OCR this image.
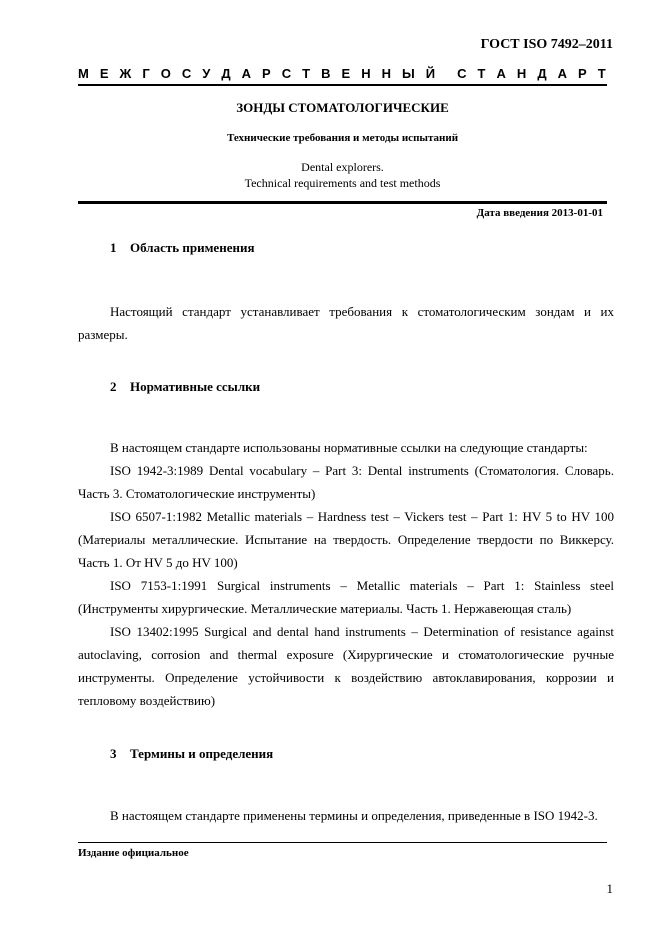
ГОСТ ISO 7492–2011
М Е Ж Г О С У Д А Р С Т В Е Н Н Ы Й С Т А Н Д А Р Т
ЗОНДЫ СТОМАТОЛОГИЧЕСКИЕ
Технические требования и методы испытаний
Dental explorers.
Technical requirements and test methods
Дата введения 2013-01-01
1 Область применения

Настоящий стандарт устанавливает требования к стоматологическим зондам и их размеры.

2 Нормативные ссылки

В настоящем стандарте использованы нормативные ссылки на следующие стандарты:

ISO 1942-3:1989 Dental vocabulary – Part 3: Dental instruments (Стоматология. Словарь. Часть 3. Стоматологические инструменты)

ISO 6507-1:1982 Metallic materials – Hardness test – Vickers test – Part 1: HV 5 to HV 100 (Материалы металлические. Испытание на твердость. Определение твердости по Виккерсу. Часть 1. От HV 5 до HV 100)

ISO 7153-1:1991 Surgical instruments – Metallic materials – Part 1: Stainless steel (Инструменты хирургические. Металлические материалы. Часть 1. Нержавеющая сталь)

ISO 13402:1995 Surgical and dental hand instruments – Determination of resistance against autoclaving, corrosion and thermal exposure (Хирургические и стоматологические ручные инструменты. Определение устойчивости к воздействию автоклавирования, коррозии и тепловому воздействию)

3 Термины и определения

В настоящем стандарте применены термины и определения, приведенные в ISO 1942-3.

Издание официальное
1
